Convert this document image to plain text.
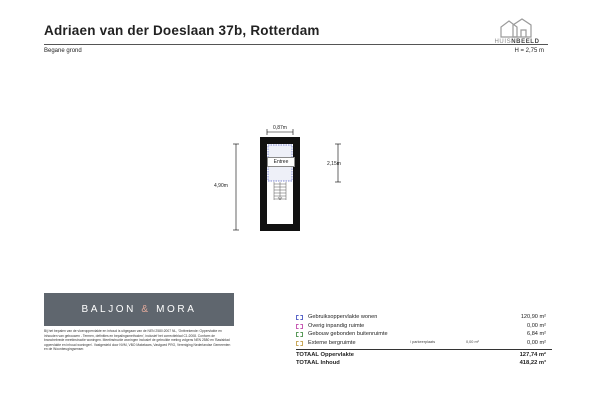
Adriaen van der Doeslaan 37b, Rotterdam
Begane grond	H = 2,75 m
HUISNBEELD
0,87m
4,90m
2,15m
Entree
BALJON & MORA
Bij het bepalen van de vloeroppervlakte en inhoud is uitgegaan van de NEN 2580:2007 NL, 'Ontbrekende: Oppervlakte en inhouden van gebouwen - Termen, definities en bepalingsmethoden', inclusief het correctieblad C1:2008. Conform de branchebrede meetinstructie woningen. Meetinstructie woningen inclusief de gebruikte meting volgens NEN 2580 en 'Basisblad oppervlakte en inhoud woningen'. Vastgesteld door NVM, VBO Makelaars, Vastgoed PRO, Vereniging Nederlandse Gemeenten en de Woonbeugingsenser.
Gebruiksoppervlakte wonen	120,90 m²
Overig inpandig ruimte	0,00 m²
Gebouw gebonden buitenruimte	6,84 m²
Externe bergruimte	/ parkeerplaats	0,00 m²	0,00 m²
TOTAAL Oppervlakte	127,74 m²
TOTAAL Inhoud	418,22 m³
